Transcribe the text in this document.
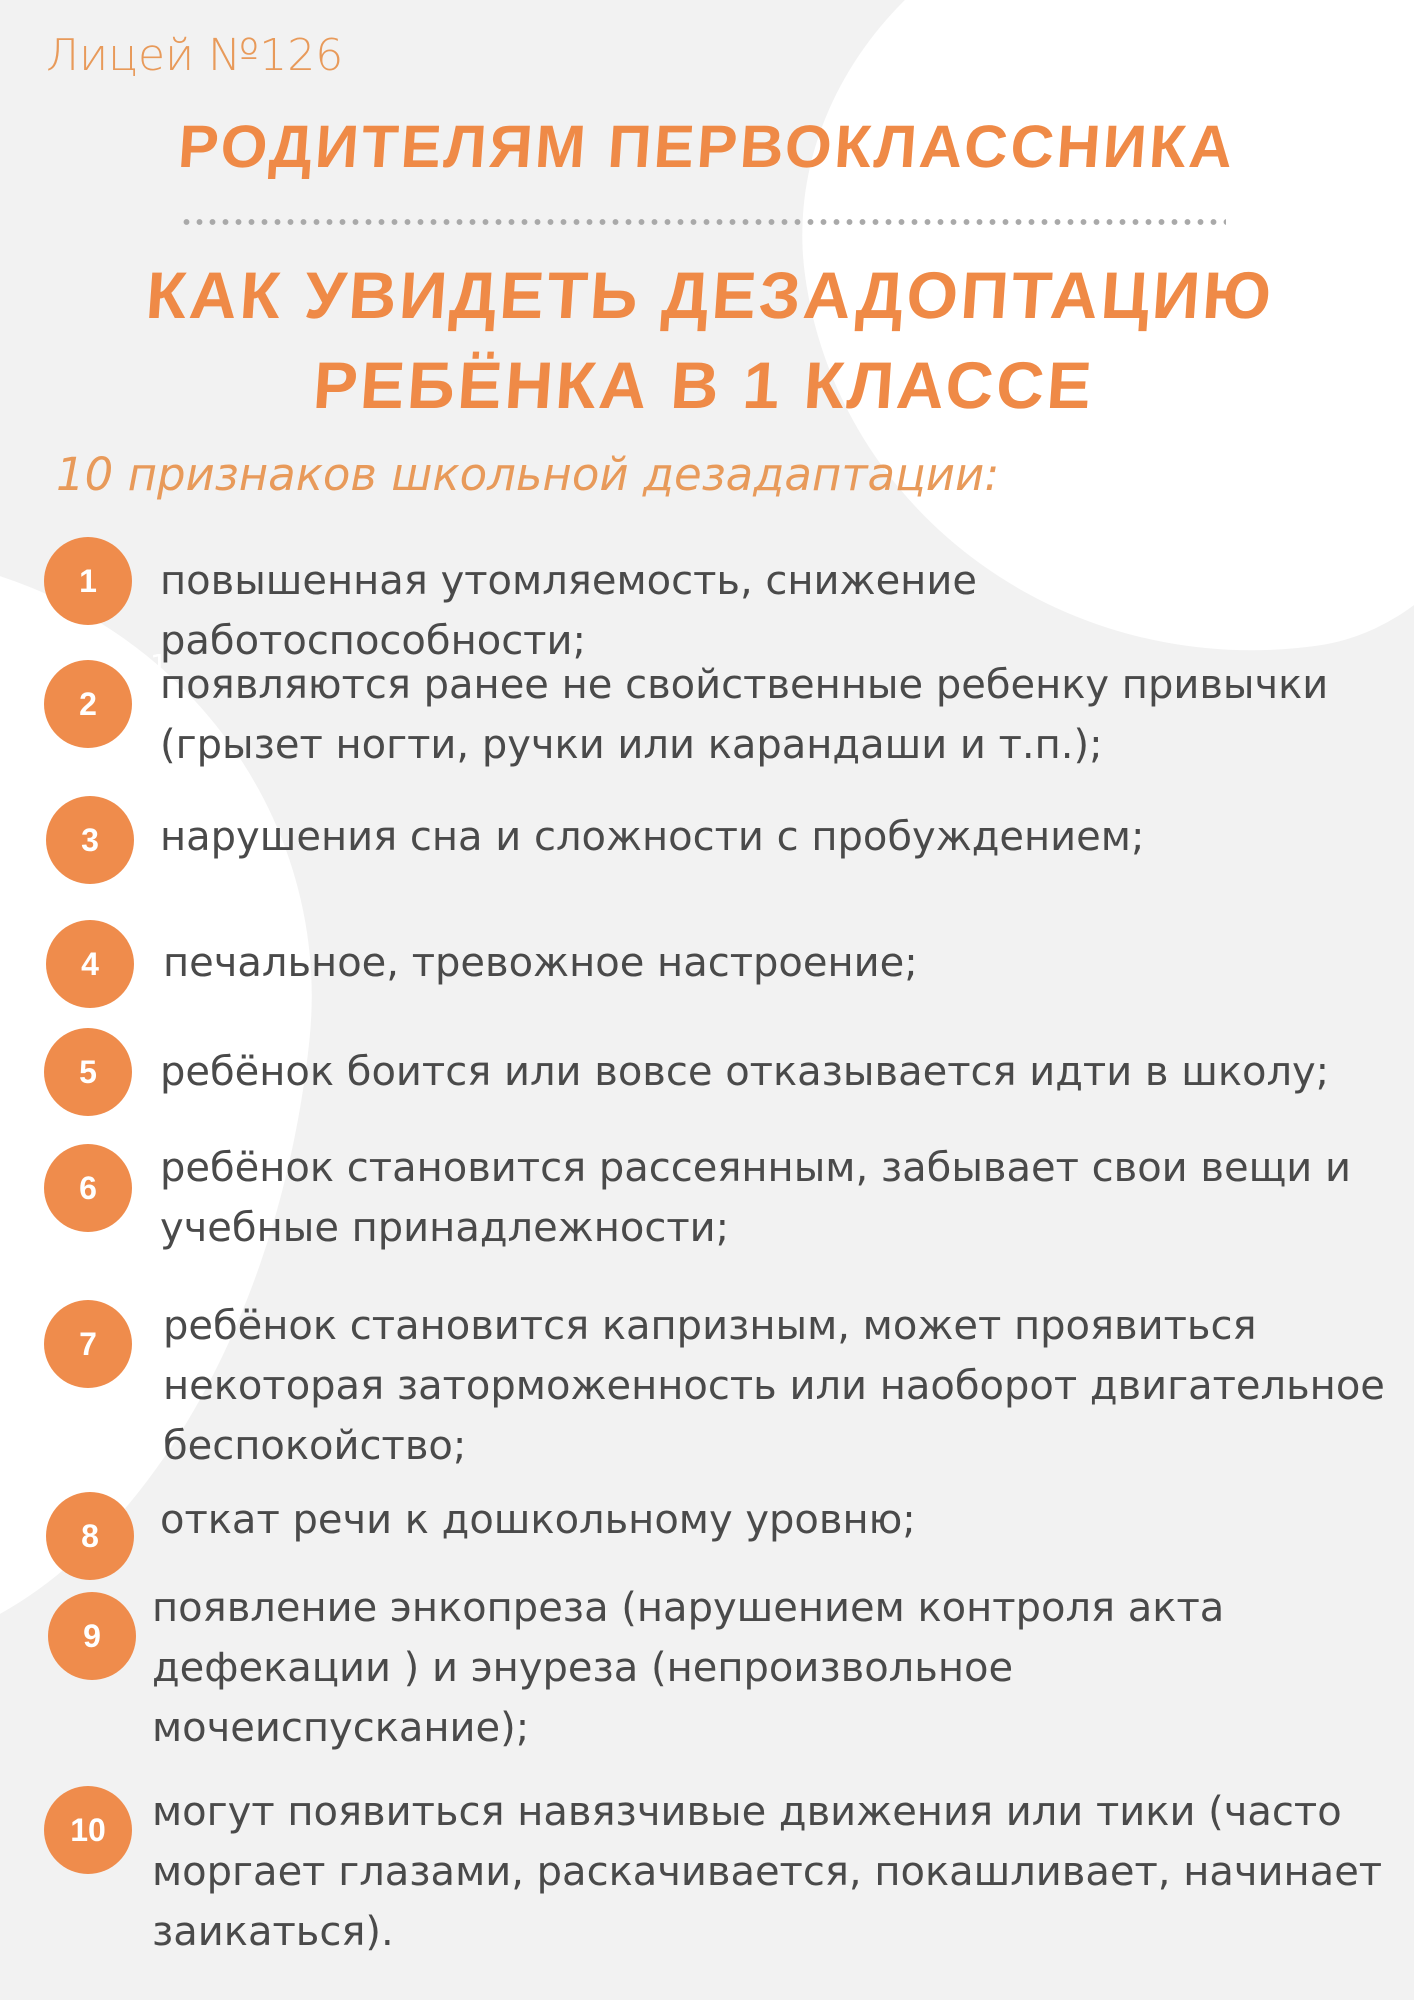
Лицей №126
РОДИТЕЛЯМ ПЕРВОКЛАССНИКА
КАК УВИДЕТЬ ДЕЗАДОПТАЦИЮ
РЕБЁНКА В 1 КЛАССЕ
10 признаков школьной дезадаптации:
1
1	повышенная утомляемость, снижение работоспособности;
2	появляются ранее не свойственные ребенку привычки
(грызет ногти, ручки или карандаши и т.п.);
3	нарушения сна и сложности с пробуждением;
4	печальное, тревожное настроение;
5	ребёнок боится или вовсе отказывается идти в школу;
6	ребёнок становится рассеянным, забывает свои вещи и
учебные принадлежности;
7	ребёнок становится капризным, может проявиться
некоторая заторможенность или наоборот двигательное
беспокойство;
8	откат речи к дошкольному уровню;
9
появление энкопреза (нарушением контроля акта
дефекации ) и энуреза (непроизвольное
мочеиспускание);
10	могут появиться навязчивые движения или тики (часто
моргает глазами, раскачивается, покашливает, начинает
заикаться).
